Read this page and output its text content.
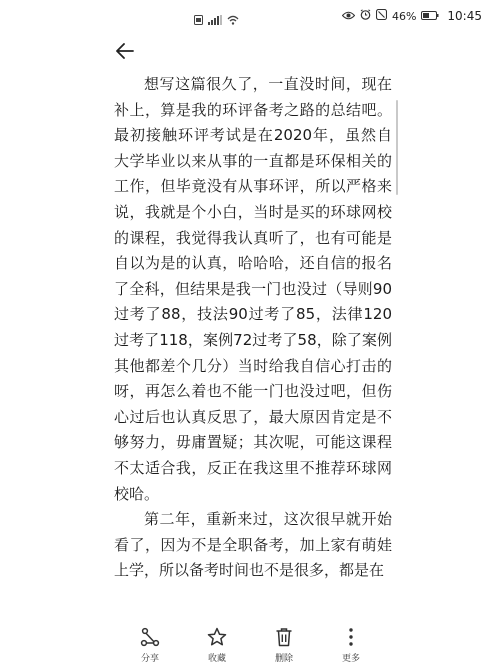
46%	10:45

想写这篇很久了，一直没时间，现在补上，算是我的环评备考之路的总结吧。最初接触环评考试是在2020年，虽然自大学毕业以来从事的一直都是环保相关的工作，但毕竟没有从事环评，所以严格来说，我就是个小白，当时是买的环球网校的课程，我觉得我认真听了，也有可能是自以为是的认真，哈哈哈，还自信的报名了全科，但结果是我一门也没过（导则90过考了88，技法90过考了85，法律120过考了118，案例72过考了58，除了案例其他都差个几分）当时给我自信心打击的呀，再怎么着也不能一门也没过吧，但伤心过后也认真反思了，最大原因肯定是不够努力，毋庸置疑；其次呢，可能这课程不太适合我，反正在我这里不推荐环球网校哈。

第二年，重新来过，这次很早就开始看了，因为不是全职备考，加上家有萌娃上学，所以备考时间也不是很多，都是在

分享	收藏	删除	更多
